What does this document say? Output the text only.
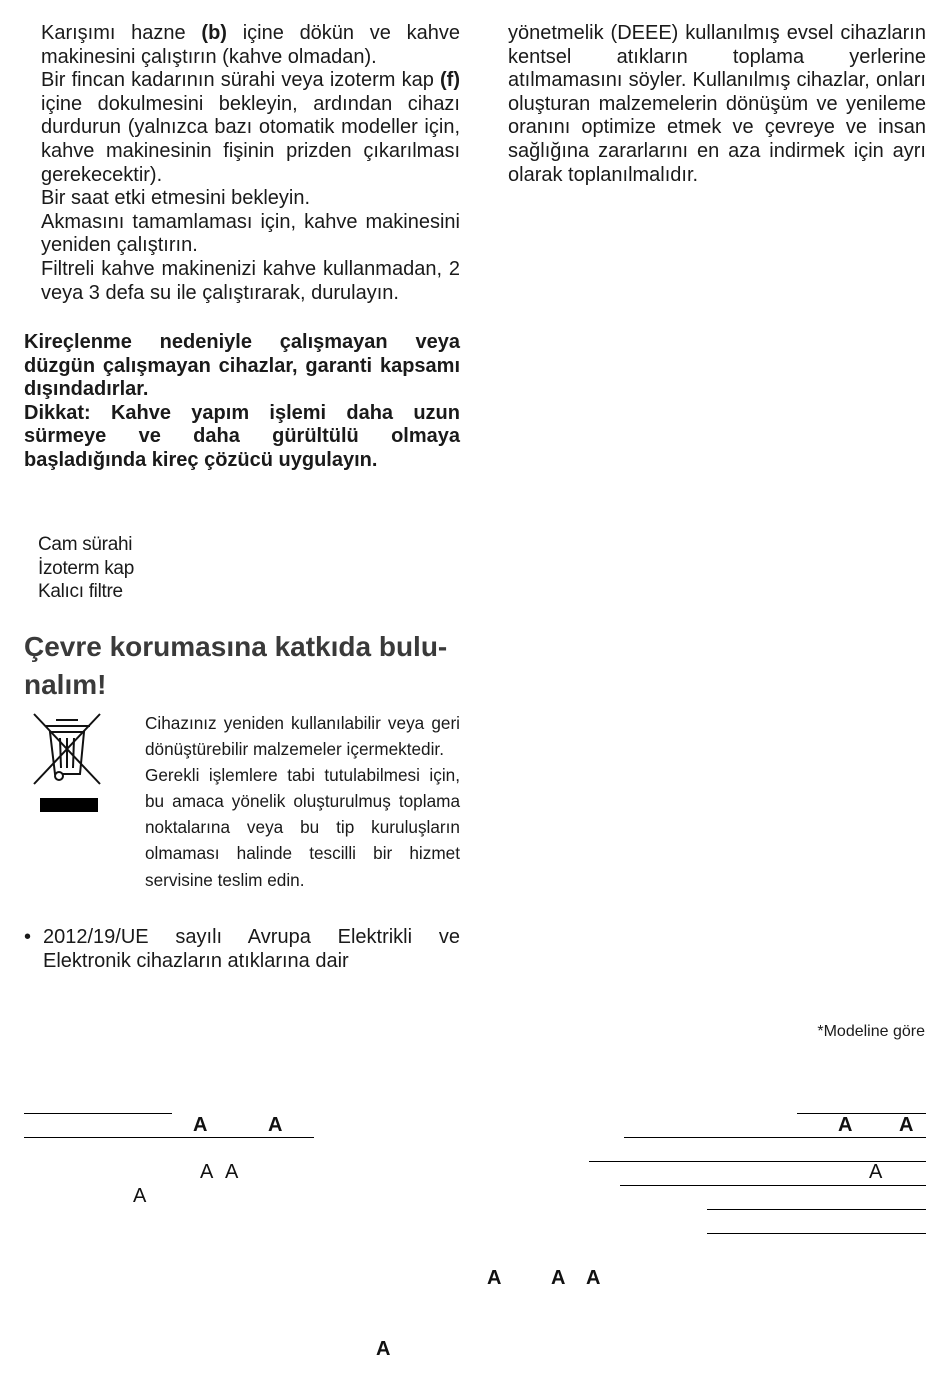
Karışımı hazne (b) içine dökün ve kahve makinesini çalıştırın (kahve olmadan).
Bir fincan kadarının sürahi veya izoterm kap (f) içine dokulmesini bekleyin, ardından cihazı durdurun (yalnızca bazı otomatik modeller için, kahve makinesinin fişinin prizden çıkarılması gerekecektir).
Bir saat etki etmesini bekleyin.
Akmasını tamamlaması için, kahve makinesini yeniden çalıştırın.
Filtreli kahve makinenizi kahve kullanmadan, 2 veya 3 defa su ile çalıştırarak, durulayın.
Kireçlenme nedeniyle çalışmayan veya düzgün çalışmayan cihazlar, garanti kapsamı dışındadırlar.
Dikkat: Kahve yapım işlemi daha uzun sürmeye ve daha gürültülü olmaya başladığında kireç çözücü uygulayın.
Cam sürahi
İzoterm kap
Kalıcı filtre
Çevre korumasına katkıda bulu-nalım!
Cihazınız yeniden kullanılabilir veya geri dönüştürebilir malzemeler içermektedir.
Gerekli işlemlere tabi tutulabilmesi için, bu amaca yönelik oluşturulmuş toplama noktalarına veya bu tip kuruluşların olmaması halinde tescilli bir hizmet servisine teslim edin.
• 2012/19/UE sayılı Avrupa Elektrikli ve Elektronik cihazların atıklarına dair
yönetmelik (DEEE) kullanılmış evsel cihazların kentsel atıkların toplama yerlerine atılmamasını söyler. Kullanılmış cihazlar, onları oluşturan malzemelerin dönüşüm ve yenileme oranını optimize etmek ve çevreye ve insan sağlığına zararlarını en aza indirmek için ayrı olarak toplanılmalıdır.
*Modeline göre
A	A	A A
A A
A
A
A A A
A
